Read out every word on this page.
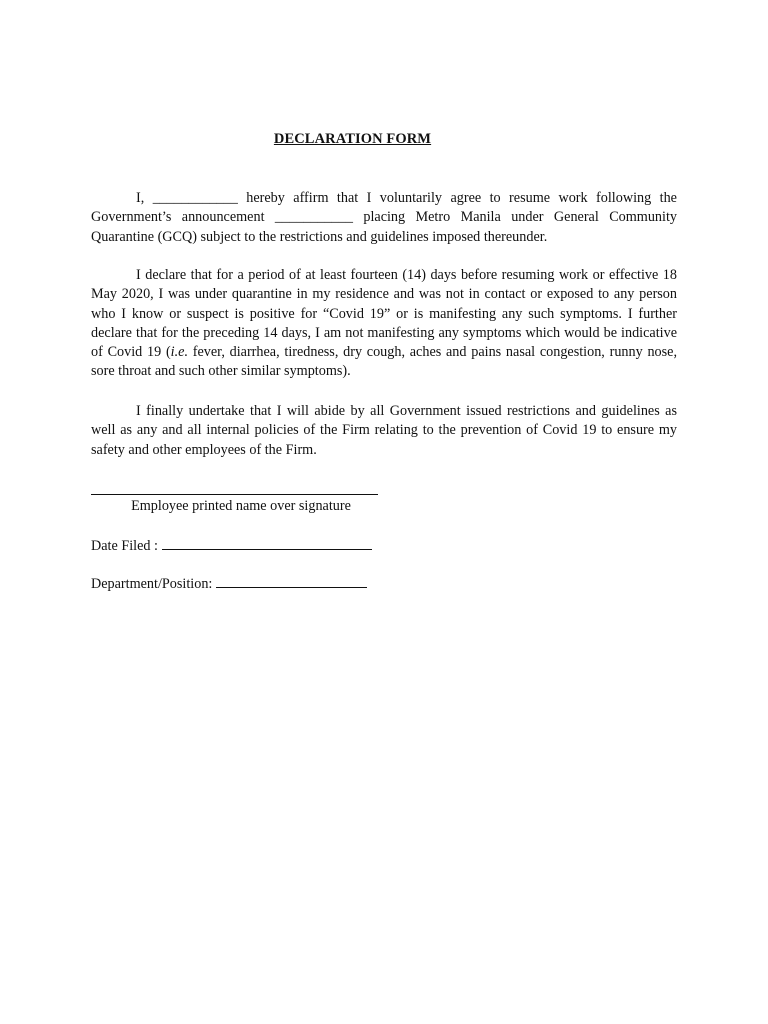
DECLARATION FORM

I, ____________ hereby affirm that I voluntarily agree to resume work following the Government’s announcement ___________ placing Metro Manila under General Community Quarantine (GCQ) subject to the restrictions and guidelines imposed thereunder.

I declare that for a period of at least fourteen (14) days before resuming work or effective 18 May 2020, I was under quarantine in my residence and was not in contact or exposed to any person who I know or suspect is positive for “Covid 19” or is manifesting any such symptoms. I further declare that for the preceding 14 days, I am not manifesting any symptoms which would be indicative of Covid 19 (i.e. fever, diarrhea, tiredness, dry cough, aches and pains nasal congestion, runny nose, sore throat and such other similar symptoms).

I finally undertake that I will abide by all Government issued restrictions and guidelines as well as any and all internal policies of the Firm relating to the prevention of Covid 19 to ensure my safety and other employees of the Firm.

Employee printed name over signature
Date Filed :
Department/Position:
